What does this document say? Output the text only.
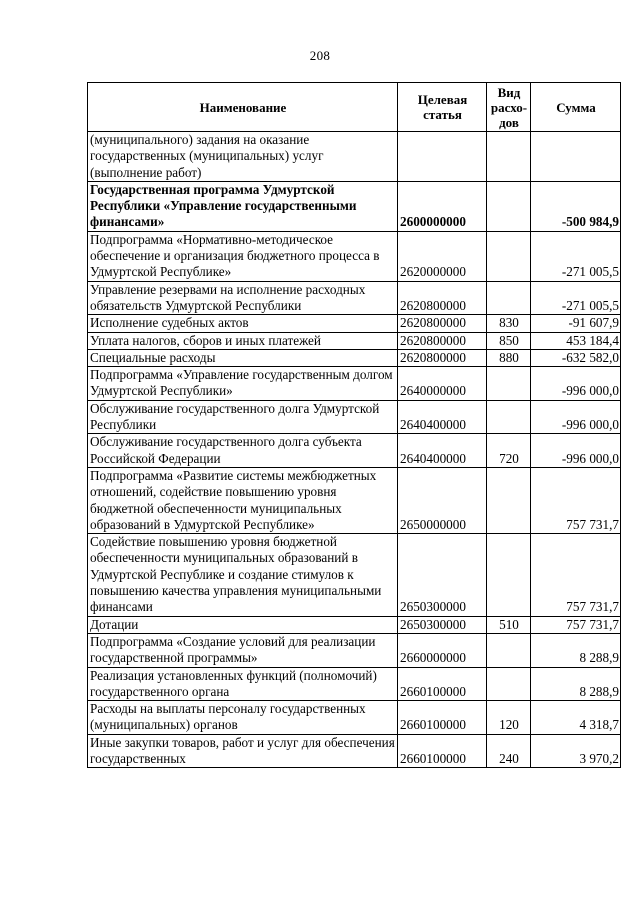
208
Наименование	Целевая статья	Вид расхо-дов	Сумма
(муниципального) задания на оказание государственных (муниципальных) услуг (выполнение работ)			
Государственная программа Удмуртской Республики «Управление государственными финансами»	2600000000		-500 984,9
Подпрограмма «Нормативно-методическое обеспечение и организация бюджетного процесса в Удмуртской Республике»	2620000000		-271 005,5
Управление резервами на исполнение расходных обязательств Удмуртской Республики	2620800000		-271 005,5
Исполнение судебных актов	2620800000	830	-91 607,9
Уплата налогов, сборов и иных платежей	2620800000	850	453 184,4
Специальные расходы	2620800000	880	-632 582,0
Подпрограмма «Управление государственным долгом Удмуртской Республики»	2640000000		-996 000,0
Обслуживание государственного долга Удмуртской Республики	2640400000		-996 000,0
Обслуживание государственного долга субъекта Российской Федерации	2640400000	720	-996 000,0
Подпрограмма «Развитие системы межбюджетных отношений, содействие повышению уровня бюджетной обеспеченности муниципальных образований в Удмуртской Республике»	2650000000		757 731,7
Содействие повышению уровня бюджетной обеспеченности муниципальных образований в Удмуртской Республике и создание стимулов к повышению качества управления муниципальными финансами	2650300000		757 731,7
Дотации	2650300000	510	757 731,7
Подпрограмма «Создание условий для реализации государственной программы»	2660000000		8 288,9
Реализация установленных функций (полномочий) государственного органа	2660100000		8 288,9
Расходы на выплаты персоналу государственных (муниципальных) органов	2660100000	120	4 318,7
Иные закупки товаров, работ и услуг для обеспечения государственных	2660100000	240	3 970,2
